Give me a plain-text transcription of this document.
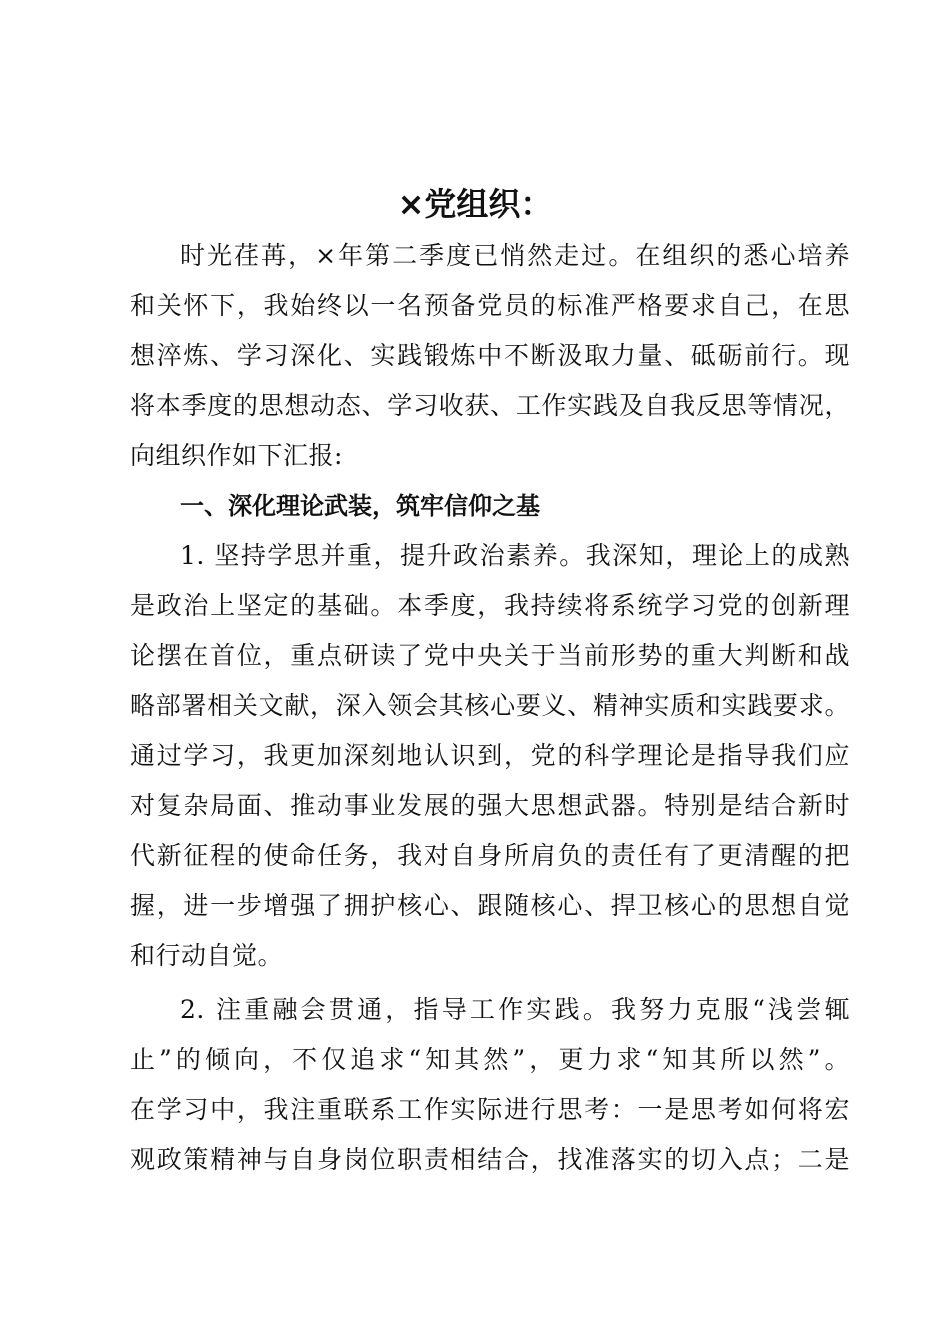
×党组织：
时光荏苒，×年第二季度已悄然走过。在组织的悉心培养
和关怀下，我始终以一名预备党员的标准严格要求自己，在思
想淬炼、学习深化、实践锻炼中不断汲取力量、砥砺前行。现
将本季度的思想动态、学习收获、工作实践及自我反思等情况，
向组织作如下汇报:
一、深化理论武装，筑牢信仰之基
1. 坚持学思并重，提升政治素养。我深知，理论上的成熟
是政治上坚定的基础。本季度，我持续将系统学习党的创新理
论摆在首位，重点研读了党中央关于当前形势的重大判断和战
略部署相关文献，深入领会其核心要义、精神实质和实践要求。
通过学习，我更加深刻地认识到，党的科学理论是指导我们应
对复杂局面、推动事业发展的强大思想武器。特别是结合新时
代新征程的使命任务，我对自身所肩负的责任有了更清醒的把
握，进一步增强了拥护核心、跟随核心、捍卫核心的思想自觉
和行动自觉。
2. 注重融会贯通，指导工作实践。我努力克服“浅尝辄
止”的倾向，不仅追求“知其然”，更力求“知其所以然”。
在学习中，我注重联系工作实际进行思考：一是思考如何将宏
观政策精神与自身岗位职责相结合，找准落实的切入点；二是
